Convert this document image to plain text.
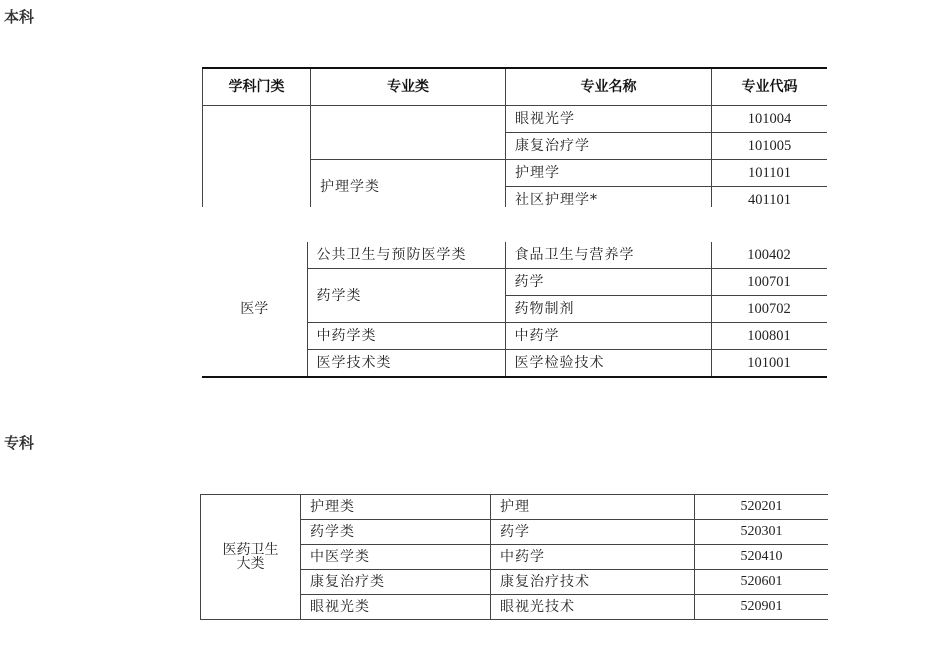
本科
学科门类	专业类	专业名称	专业代码
		眼视光学	101004
		康复治疗学	101005
	护理学类	护理学	101101
		社区护理学*	401101
医学	公共卫生与预防医学类	食品卫生与营养学	100402
	药学类	药学	100701
		药物制剂	100702
	中药学类	中药学	100801
	医学技术类	医学检验技术	101001
专科
医药卫生
大类	护理类	护理	520201
	药学类	药学	520301
	中医学类	中药学	520410
	康复治疗类	康复治疗技术	520601
	眼视光类	眼视光技术	520901
